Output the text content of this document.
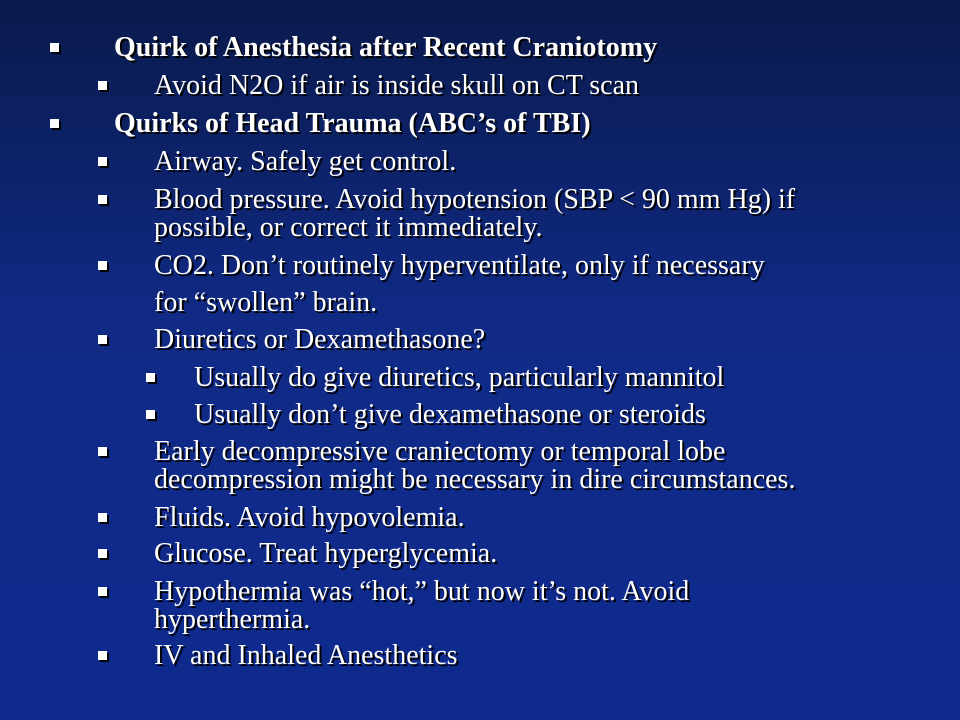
Quirk of Anesthesia after Recent Craniotomy
Avoid N2O if air is inside skull on CT scan
Quirks of Head Trauma (ABC’s of TBI)
Airway. Safely get control.
Blood pressure. Avoid hypotension (SBP < 90 mm Hg) if
possible, or correct it immediately.
CO2. Don’t routinely hyperventilate, only if necessary
for “swollen” brain.
Diuretics or Dexamethasone?
Usually do give diuretics, particularly mannitol
Usually don’t give dexamethasone or steroids
Early decompressive craniectomy or temporal lobe
decompression might be necessary in dire circumstances.
Fluids. Avoid hypovolemia.
Glucose. Treat hyperglycemia.
Hypothermia was “hot,” but now it’s not. Avoid
hyperthermia.
IV and Inhaled Anesthetics
